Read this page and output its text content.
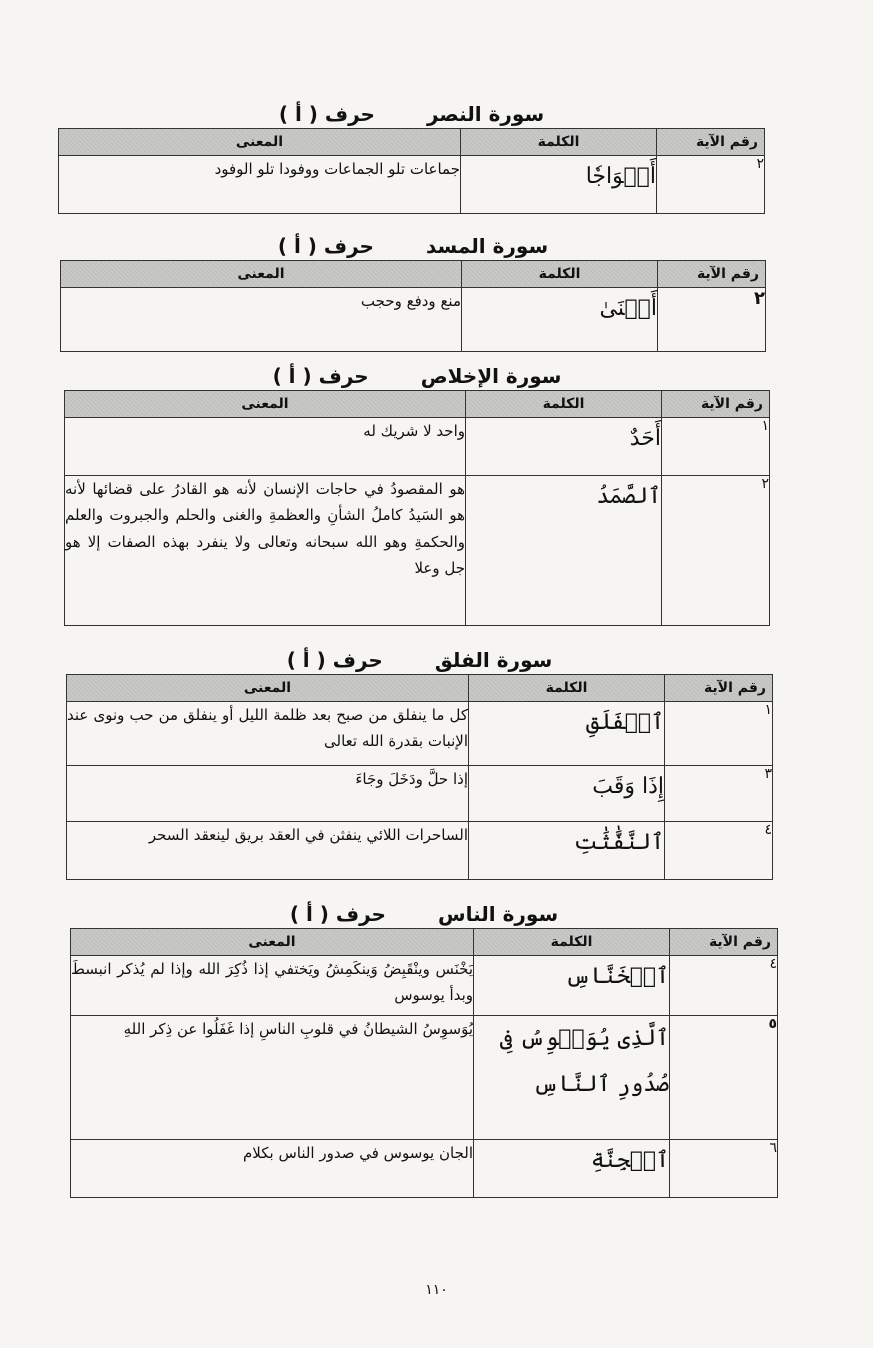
سورة النصرحرف ( أ )
رقم الآية	الكلمة	المعنى
٢	أَفۡوَاجٗا	جماعات تلو الجماعات ووفودا تلو الوفود
سورة المسدحرف ( أ )
رقم الآية	الكلمة	المعنى
٢	أَغۡنَىٰ	منع ودفع وحجب
سورة الإخلاصحرف ( أ )
رقم الآية	الكلمة	المعنى
١	أَحَدٌ	واحد لا شريك له
٢	ٱلصَّمَدُ	هو المقصودُ في حاجات الإنسان لأنه هو القادرُ على قضائها لأنه هو السَيدُ كاملُ الشأنِ والعظمةِ والغنى والحلم والجبروت والعلم والحكمةِ وهو الله سبحانه وتعالى ولا ينفرد بهذه الصفات إلا هو جل وعلا
سورة الفلقحرف ( أ )
رقم الآية	الكلمة	المعنى
١	ٱلۡفَلَقِ	كل ما ينفلق من صبح بعد ظلمة الليل أو ينفلق من حب ونوى عند الإنبات بقدرة الله تعالى
٣	إِذَا وَقَبَ	إذا حلَّ ودَخَلَ وجَاءَ
٤	ٱلنَّفَّٰثَٰتِ	الساحرات اللائي ينفثن في العقد بريق لينعقد السحر
سورة الناسحرف ( أ )
رقم الآية	الكلمة	المعنى
٤	ٱلۡخَنَّاسِ	يَخْنَس وينْقَبِضُ وَينكَمِشُ ويَختفي إذا ذُكِرَ الله وإذا لم يُذكر انبسطَ وبدأ يوسوس
٥	ٱلَّذِى يُوَسۡوِسُ فِى صُدُورِ ٱلنَّاسِ	يُوَسوِسُ الشيطانُ في قلوبِ الناسِ إذا غَفَلُوا عن ذِكر اللهِ
٦	ٱلۡجِنَّةِ	الجان يوسوس في صدور الناس بكلام
١١٠
